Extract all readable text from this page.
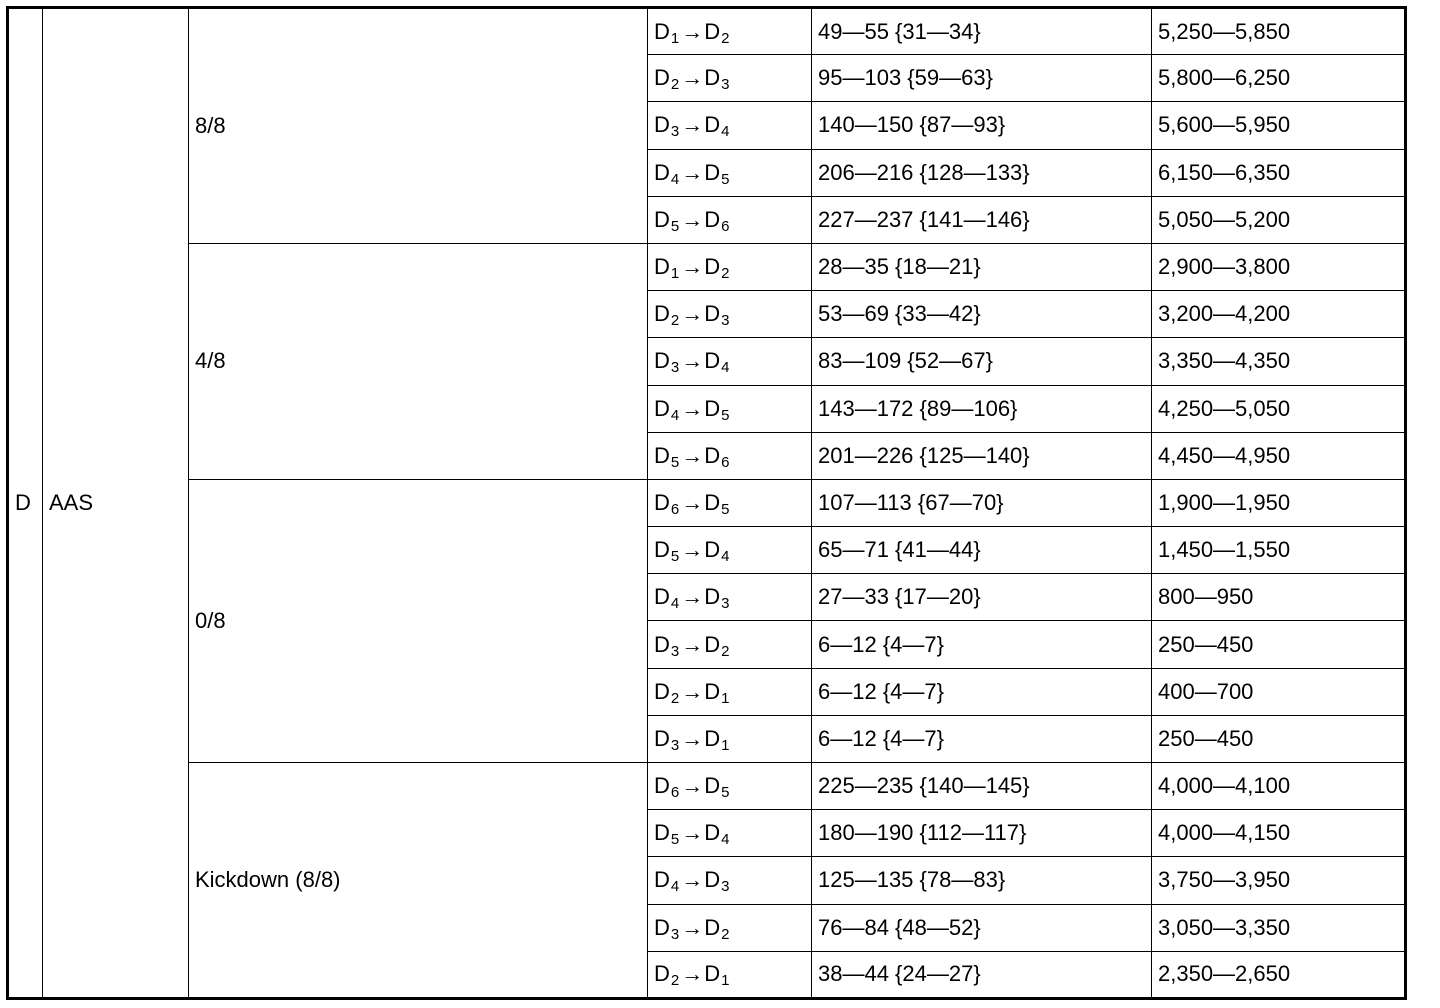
D	AAS	8/8	D1→D2	49—55 {31—34}	5,250—5,850
			D2→D3	95—103 {59—63}	5,800—6,250
			D3→D4	140—150 {87—93}	5,600—5,950
			D4→D5	206—216 {128—133}	6,150—6,350
			D5→D6	227—237 {141—146}	5,050—5,200
		4/8	D1→D2	28—35 {18—21}	2,900—3,800
			D2→D3	53—69 {33—42}	3,200—4,200
			D3→D4	83—109 {52—67}	3,350—4,350
			D4→D5	143—172 {89—106}	4,250—5,050
			D5→D6	201—226 {125—140}	4,450—4,950
		0/8	D6→D5	107—113 {67—70}	1,900—1,950
			D5→D4	65—71 {41—44}	1,450—1,550
			D4→D3	27—33 {17—20}	800—950
			D3→D2	6—12 {4—7}	250—450
			D2→D1	6—12 {4—7}	400—700
			D3→D1	6—12 {4—7}	250—450
		Kickdown (8/8)	D6→D5	225—235 {140—145}	4,000—4,100
			D5→D4	180—190 {112—117}	4,000—4,150
			D4→D3	125—135 {78—83}	3,750—3,950
			D3→D2	76—84 {48—52}	3,050—3,350
			D2→D1	38—44 {24—27}	2,350—2,650
